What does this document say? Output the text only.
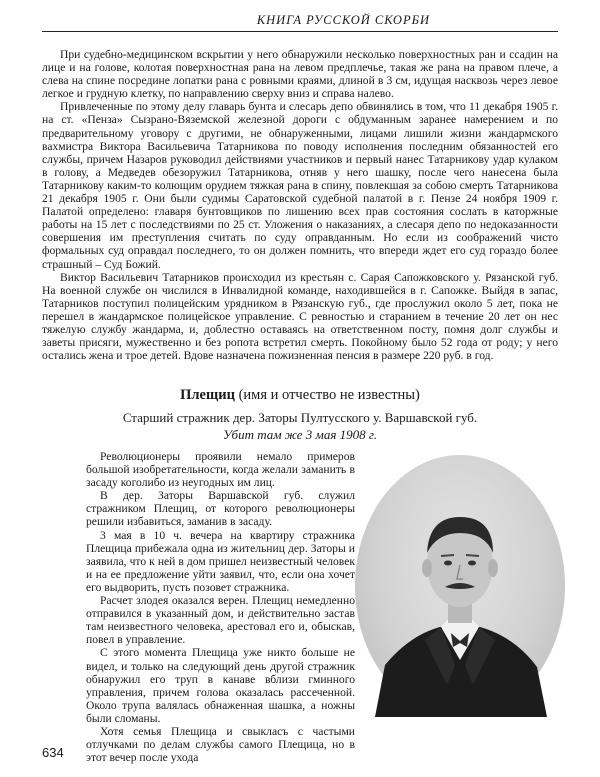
КНИГА РУССКОЙ СКОРБИ

При судебно-медицинском вскрытии у него обнаружили несколько поверхностных ран и ссадин на лице и на голове, колотая поверхностная рана на левом предплечье, такая же рана на правом плече, а слева на спине посредине лопатки рана с ровными краями, длиной в 3 см, идущая насквозь через левое легкое и грудную клетку, по направлению сверху вниз и справа налево.

Привлеченные по этому делу главарь бунта и слесарь депо обвинялись в том, что 11 декабря 1905 г. на ст. «Пенза» Сызрано-Вяземской железной дороги с обдуманным заранее намерением и по предварительному уговору с другими, не обнаруженными, лицами лишили жизни жандармского вахмистра Виктора Васильевича Татарникова по поводу исполнения последним обязанностей его службы, причем Назаров руководил действиями участников и первый нанес Татарникову удар кулаком в голову, а Медведев обезоружил Татарникова, отняв у него шашку, после чего нанесена была Татарникову каким-то колющим орудием тяжкая рана в спину, повлекшая за собою смерть Татарникова 21 декабря 1905 г. Они были судимы Саратовской судебной палатой в г. Пензе 24 ноября 1909 г. Палатой определено: главаря бунтовщиков по лишению всех прав состояния сослать в каторжные работы на 15 лет с последствиями по 25 ст. Уложения о наказаниях, а слесаря депо по недоказанности совершения им преступления считать по суду оправданным. Но если из соображений чисто формальных суд оправдал последнего, то он должен помнить, что впереди ждет его суд гораздо более страшный – Суд Божий.

Виктор Васильевич Татарников происходил из крестьян с. Сарая Сапожковского у. Рязанской губ. На военной службе он числился в Инвалидной команде, находившейся в г. Сапожке. Выйдя в запас, Татарников поступил полицейским урядником в Рязанскую губ., где прослужил около 5 лет, пока не перешел в жандармское полицейское управление. С ревностью и старанием в течение 20 лет он нес тяжелую службу жандарма, и, доблестно оставаясь на ответственном посту, помня долг службы и заветы присяги, мужественно и без ропота встретил смерть. Покойному было 52 года от роду; у него остались жена и трое детей. Вдове назначена пожизненная пенсия в размере 220 руб. в год.

Плещиц (имя и отчество не известны)
Старший стражник дер. Заторы Пултусского у. Варшавской губ.
Убит там же 3 мая 1908 г.

Революционеры проявили немало примеров большой изобретательности, когда желали заманить в засаду коголибо из неугодных им лиц.

В дер. Заторы Варшавской губ. служил стражником Плещиц, от которого революционеры решили избавиться, заманив в засаду.

3 мая в 10 ч. вечера на квартиру стражника Плещица прибежала одна из жительниц дер. Заторы и заявила, что к ней в дом пришел неизвестный человек и на ее предложение уйти заявил, что, если она хочет его выдворить, пусть позовет стражника.

Расчет злодея оказался верен. Плещиц немедленно отправился в указанный дом, и действительно застав там неизвестного человека, арестовал его и, обыскав, повел в управление.

С этого момента Плещица уже никто больше не видел, и только на следующий день другой стражник обнаружил его труп в канаве вблизи гминного управления, причем голова оказалась рассеченной. Около трупа валялась обнаженная шашка, а ножны были сломаны.

Хотя семья Плещица и свыкласъ с частыми отлучками по делам службы самого Плещица, но в этот вечер после ухода

634
